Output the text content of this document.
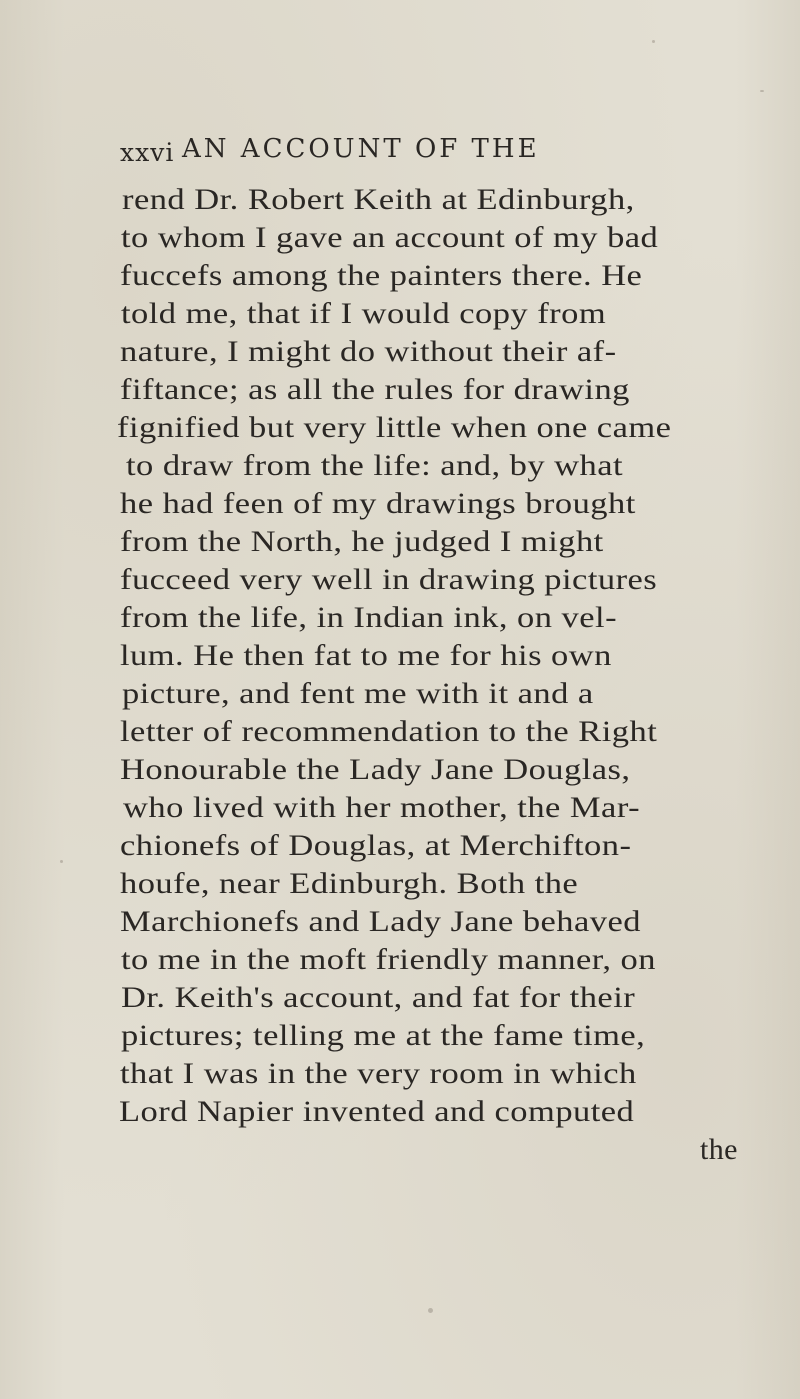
xxvi AN ACCOUNT OF THE
rend Dr. Robert Keith at Edinburgh,
to whom I gave an account of my bad
fuccefs among the painters there. He
told me, that if I would copy from
nature, I might do without their af-
fiftance; as all the rules for drawing
fignified but very little when one came
to draw from the life: and, by what
he had feen of my drawings brought
from the North, he judged I might
fucceed very well in drawing pictures
from the life, in Indian ink, on vel-
lum. He then fat to me for his own
picture, and fent me with it and a
letter of recommendation to the Right
Honourable the Lady Jane Douglas,
who lived with her mother, the Mar-
chionefs of Douglas, at Merchifton-
houfe, near Edinburgh. Both the
Marchionefs and Lady Jane behaved
to me in the moft friendly manner, on
Dr. Keith's account, and fat for their
pictures; telling me at the fame time,
that I was in the very room in which
Lord Napier invented and computed
the
